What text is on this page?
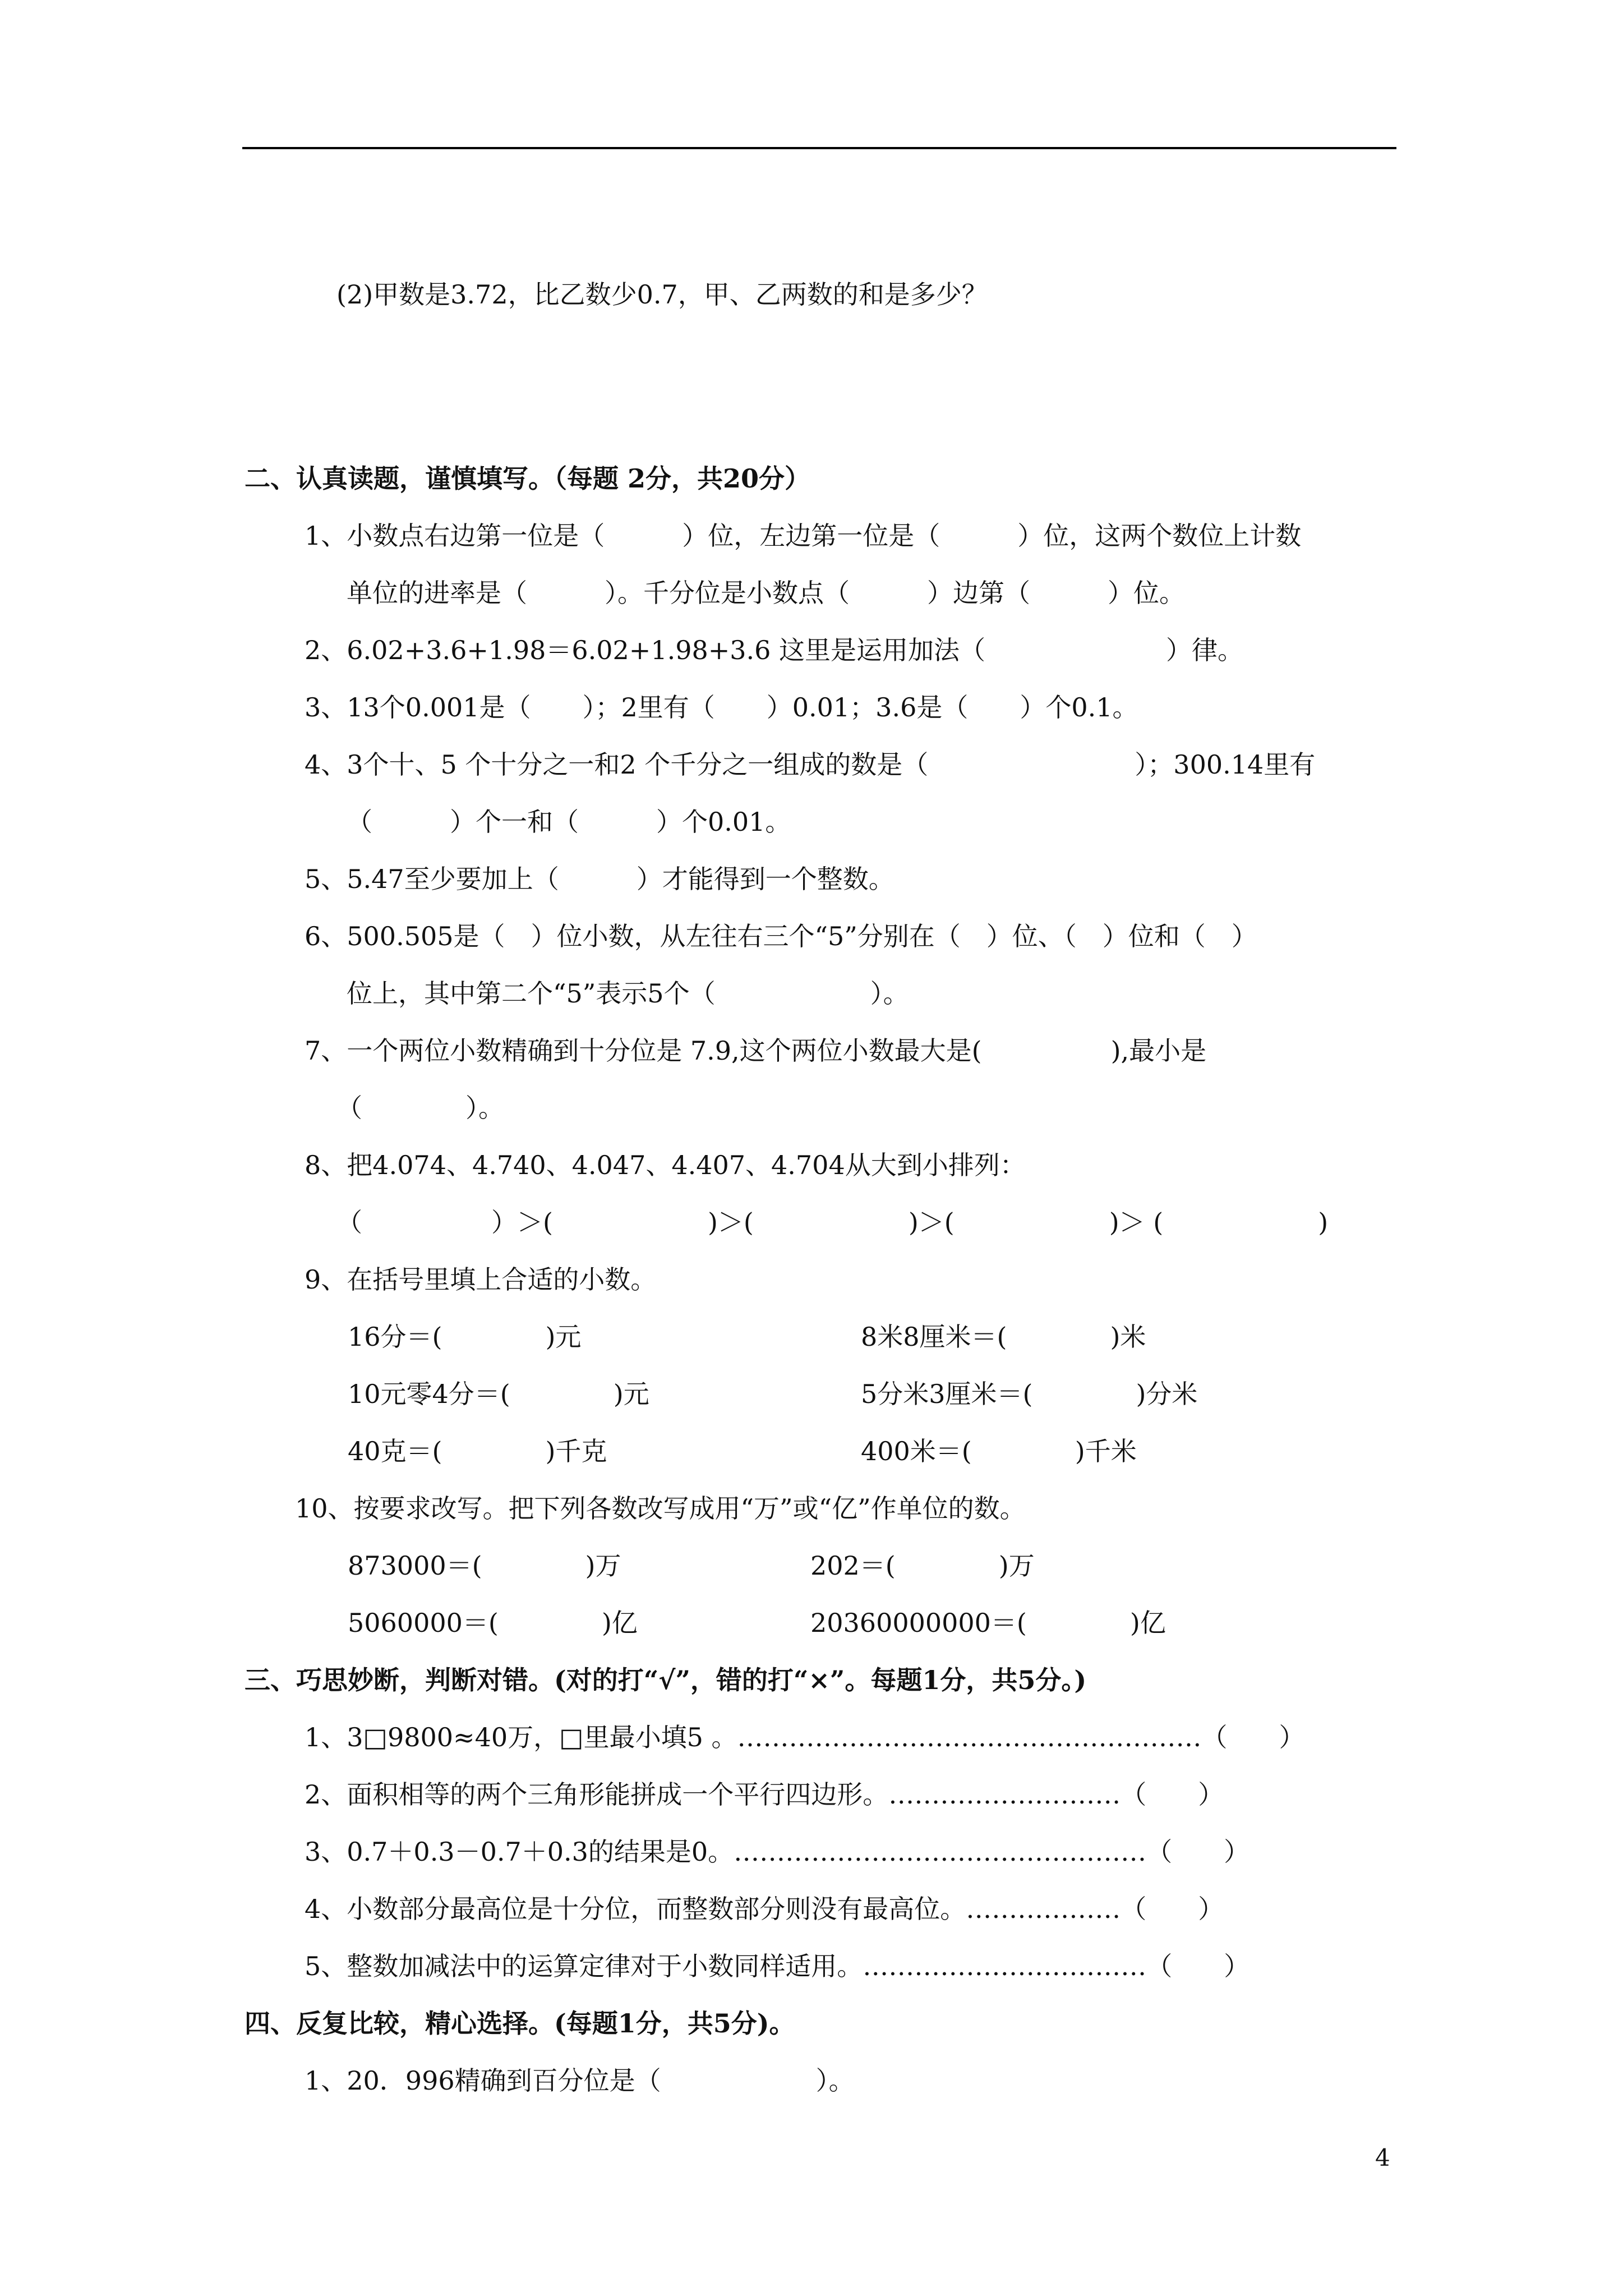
(2)甲数是3.72，比乙数少0.7，甲、乙两数的和是多少？
二、认真读题，谨慎填写。（每题 2分，共20分）
1、小数点右边第一位是（　　　）位，左边第一位是（　　　）位，这两个数位上计数
单位的进率是（　　　）。千分位是小数点（　　　）边第（　　　）位。
2、6.02+3.6+1.98＝6.02+1.98+3.6 这里是运用加法（　　　　　　　）律。
3、13个0.001是（　　）；2里有（　　）0.01；3.6是（　　）个0.1。
4、3个十、5 个十分之一和2 个千分之一组成的数是（　　　　　　　　）；300.14里有
（　　　）个一和（　　　）个0.01。
5、5.47至少要加上（　　　）才能得到一个整数。
6、500.505是（　）位小数，从左往右三个“5”分别在（　）位、（　）位和（　）
位上，其中第二个“5”表示5个（　　　　　　）。
7、一个两位小数精确到十分位是 7.9,这个两位小数最大是(　　　　　),最小是
（　　　　）。
8、把4.074、4.740、4.047、4.407、4.704从大到小排列：
（　　　　　）＞(　　　　　　)＞(　　　　　　)＞(　　　　　　)＞ (　　　　　　)
9、在括号里填上合适的小数。
16分＝(　　　　)元	8米8厘米＝(　　　　)米
10元零4分＝(　　　　)元	5分米3厘米＝(　　　　)分米
40克＝(　　　　)千克	400米＝(　　　　)千米
10、按要求改写。把下列各数改写成用“万”或“亿”作单位的数。
873000＝(　　　　)万	202＝(　　　　)万
5060000＝(　　　　)亿	20360000000＝(　　　　)亿
三、巧思妙断，判断对错。(对的打“√”，错的打“×”。每题1分，共5分。)
1、3□9800≈40万，□里最小填5 。………………………………………………（　　）
2、面积相等的两个三角形能拼成一个平行四边形。………………………（　　）
3、0.7＋0.3－0.7＋0.3的结果是0。…………………………………………（　　）
4、小数部分最高位是十分位，而整数部分则没有最高位。………………（　　）
5、整数加减法中的运算定律对于小数同样适用。……………………………（　　）
四、反复比较，精心选择。(每题1分，共5分)。
1、20．996精确到百分位是（　　　　　　）。
4
